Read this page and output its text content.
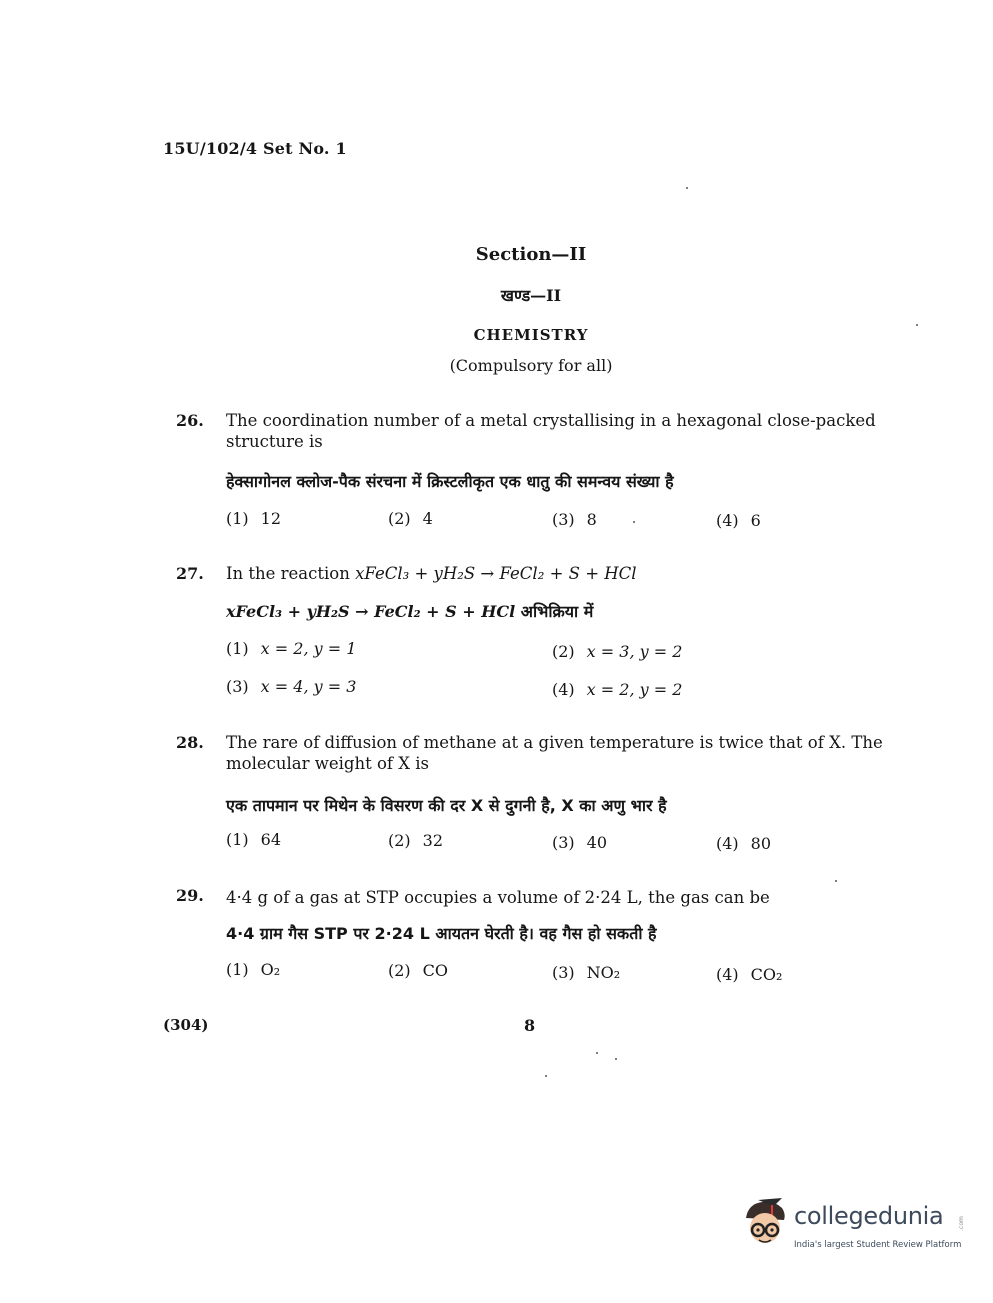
15U/102/4 Set No. 1
Section—II
खण्ड—II
CHEMISTRY
(Compulsory for all)
26. The coordination number of a metal crystallising in a hexagonal close-packed structure is
हेक्सागोनल क्लोज-पैक संरचना में क्रिस्टलीकृत एक धातु की समन्वय संख्या है
(1) 12	(2) 4	(3) 8	(4) 6
27. In the reaction xFeCl₃ + yH₂S → FeCl₂ + S + HCl
xFeCl₃ + yH₂S → FeCl₂ + S + HCl अभिक्रिया में
(1) x = 2, y = 1	(2) x = 3, y = 2
(3) x = 4, y = 3	(4) x = 2, y = 2
28. The rare of diffusion of methane at a given temperature is twice that of X. The molecular weight of X is
एक तापमान पर मिथेन के विसरण की दर X से दुगनी है, X का अणु भार है
(1) 64	(2) 32	(3) 40	(4) 80
29. 4·4 g of a gas at STP occupies a volume of 2·24 L, the gas can be
4·4 ग्राम गैस STP पर 2·24 L आयतन घेरती है। वह गैस हो सकती है
(1) O₂	(2) CO	(3) NO₂	(4) CO₂
(304)	8
collegedunia .com
India's largest Student Review Platform
